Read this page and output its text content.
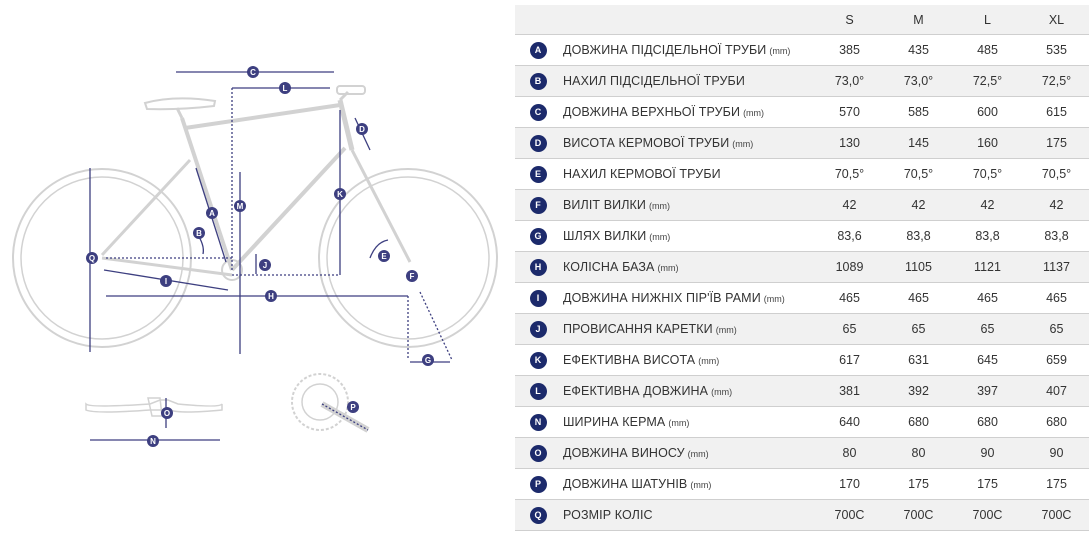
A
B
C
D
E
F
G
H
I
J
K
L
M
N
O
P
Q
		S	M	L	XL
A	ДОВЖИНА ПІДСІДЕЛЬНОЇ ТРУБИ (mm)	385	435	485	535
B	НАХИЛ ПІДСІДЕЛЬНОЇ ТРУБИ	73,0°	73,0°	72,5°	72,5°
C	ДОВЖИНА ВЕРХНЬОЇ ТРУБИ (mm)	570	585	600	615
D	ВИСОТА КЕРМОВОЇ ТРУБИ (mm)	130	145	160	175
E	НАХИЛ КЕРМОВОЇ ТРУБИ	70,5°	70,5°	70,5°	70,5°
F	ВИЛІТ ВИЛКИ (mm)	42	42	42	42
G	ШЛЯХ ВИЛКИ (mm)	83,6	83,8	83,8	83,8
H	КОЛІСНА БАЗА (mm)	1089	1105	1121	1137
I	ДОВЖИНА НИЖНІХ ПІР'ЇВ РАМИ (mm)	465	465	465	465
J	ПРОВИСАННЯ КАРЕТКИ (mm)	65	65	65	65
K	ЕФЕКТИВНА ВИСОТА (mm)	617	631	645	659
L	ЕФЕКТИВНА ДОВЖИНА (mm)	381	392	397	407
N	ШИРИНА КЕРМА (mm)	640	680	680	680
O	ДОВЖИНА ВИНОСУ (mm)	80	80	90	90
P	ДОВЖИНА ШАТУНІВ (mm)	170	175	175	175
Q	РОЗМІР КОЛІС	700C	700C	700C	700C
